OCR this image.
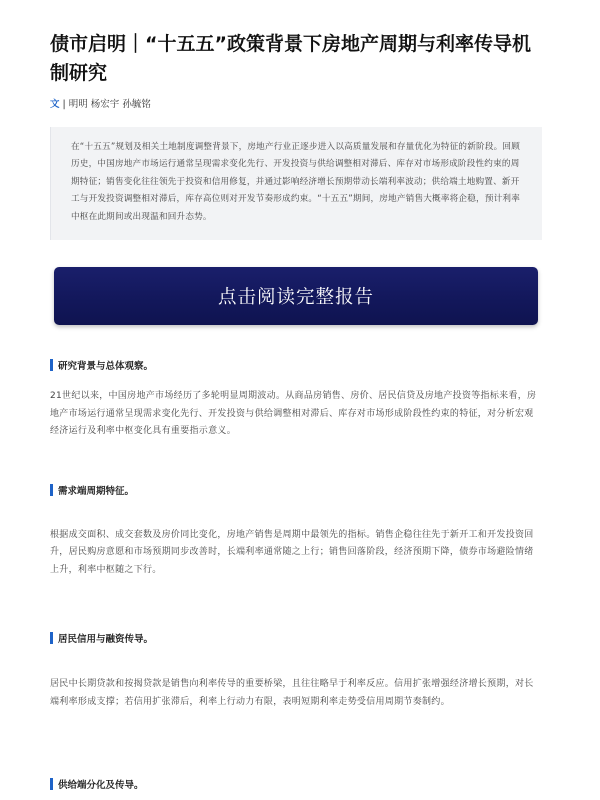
债市启明｜“十五五”政策背景下房地产周期与利率传导机制研究
文 | 明明 杨宏宇 孙毓铭
在“十五五”规划及相关土地制度调整背景下，房地产行业正逐步进入以高质量发展和存量优化为特征的新阶段。回顾历史，中国房地产市场运行通常呈现需求变化先行、开发投资与供给调整相对滞后、库存对市场形成阶段性约束的周期特征；销售变化往往领先于投资和信用修复，并通过影响经济增长预期带动长端利率波动；供给端土地购置、新开工与开发投资调整相对滞后，库存高位则对开发节奏形成约束。“十五五”期间，房地产销售大概率将企稳，预计利率中枢在此期间或出现温和回升态势。
点击阅读完整报告
研究背景与总体观察。

21世纪以来，中国房地产市场经历了多轮明显周期波动。从商品房销售、房价、居民信贷及房地产投资等指标来看，房地产市场运行通常呈现需求变化先行、开发投资与供给调整相对滞后、库存对市场形成阶段性约束的特征，对分析宏观经济运行及利率中枢变化具有重要指示意义。

需求端周期特征。

根据成交面积、成交套数及房价同比变化，房地产销售是周期中最领先的指标。销售企稳往往先于新开工和开发投资回升，居民购房意愿和市场预期同步改善时，长端利率通常随之上行；销售回落阶段，经济预期下降，债券市场避险情绪上升，利率中枢随之下行。

居民信用与融资传导。

居民中长期贷款和按揭贷款是销售向利率传导的重要桥梁，且往往略早于利率反应。信用扩张增强经济增长预期，对长端利率形成支撑；若信用扩张滞后，利率上行动力有限，表明短期利率走势受信用周期节奏制约。

供给端分化及传导。
